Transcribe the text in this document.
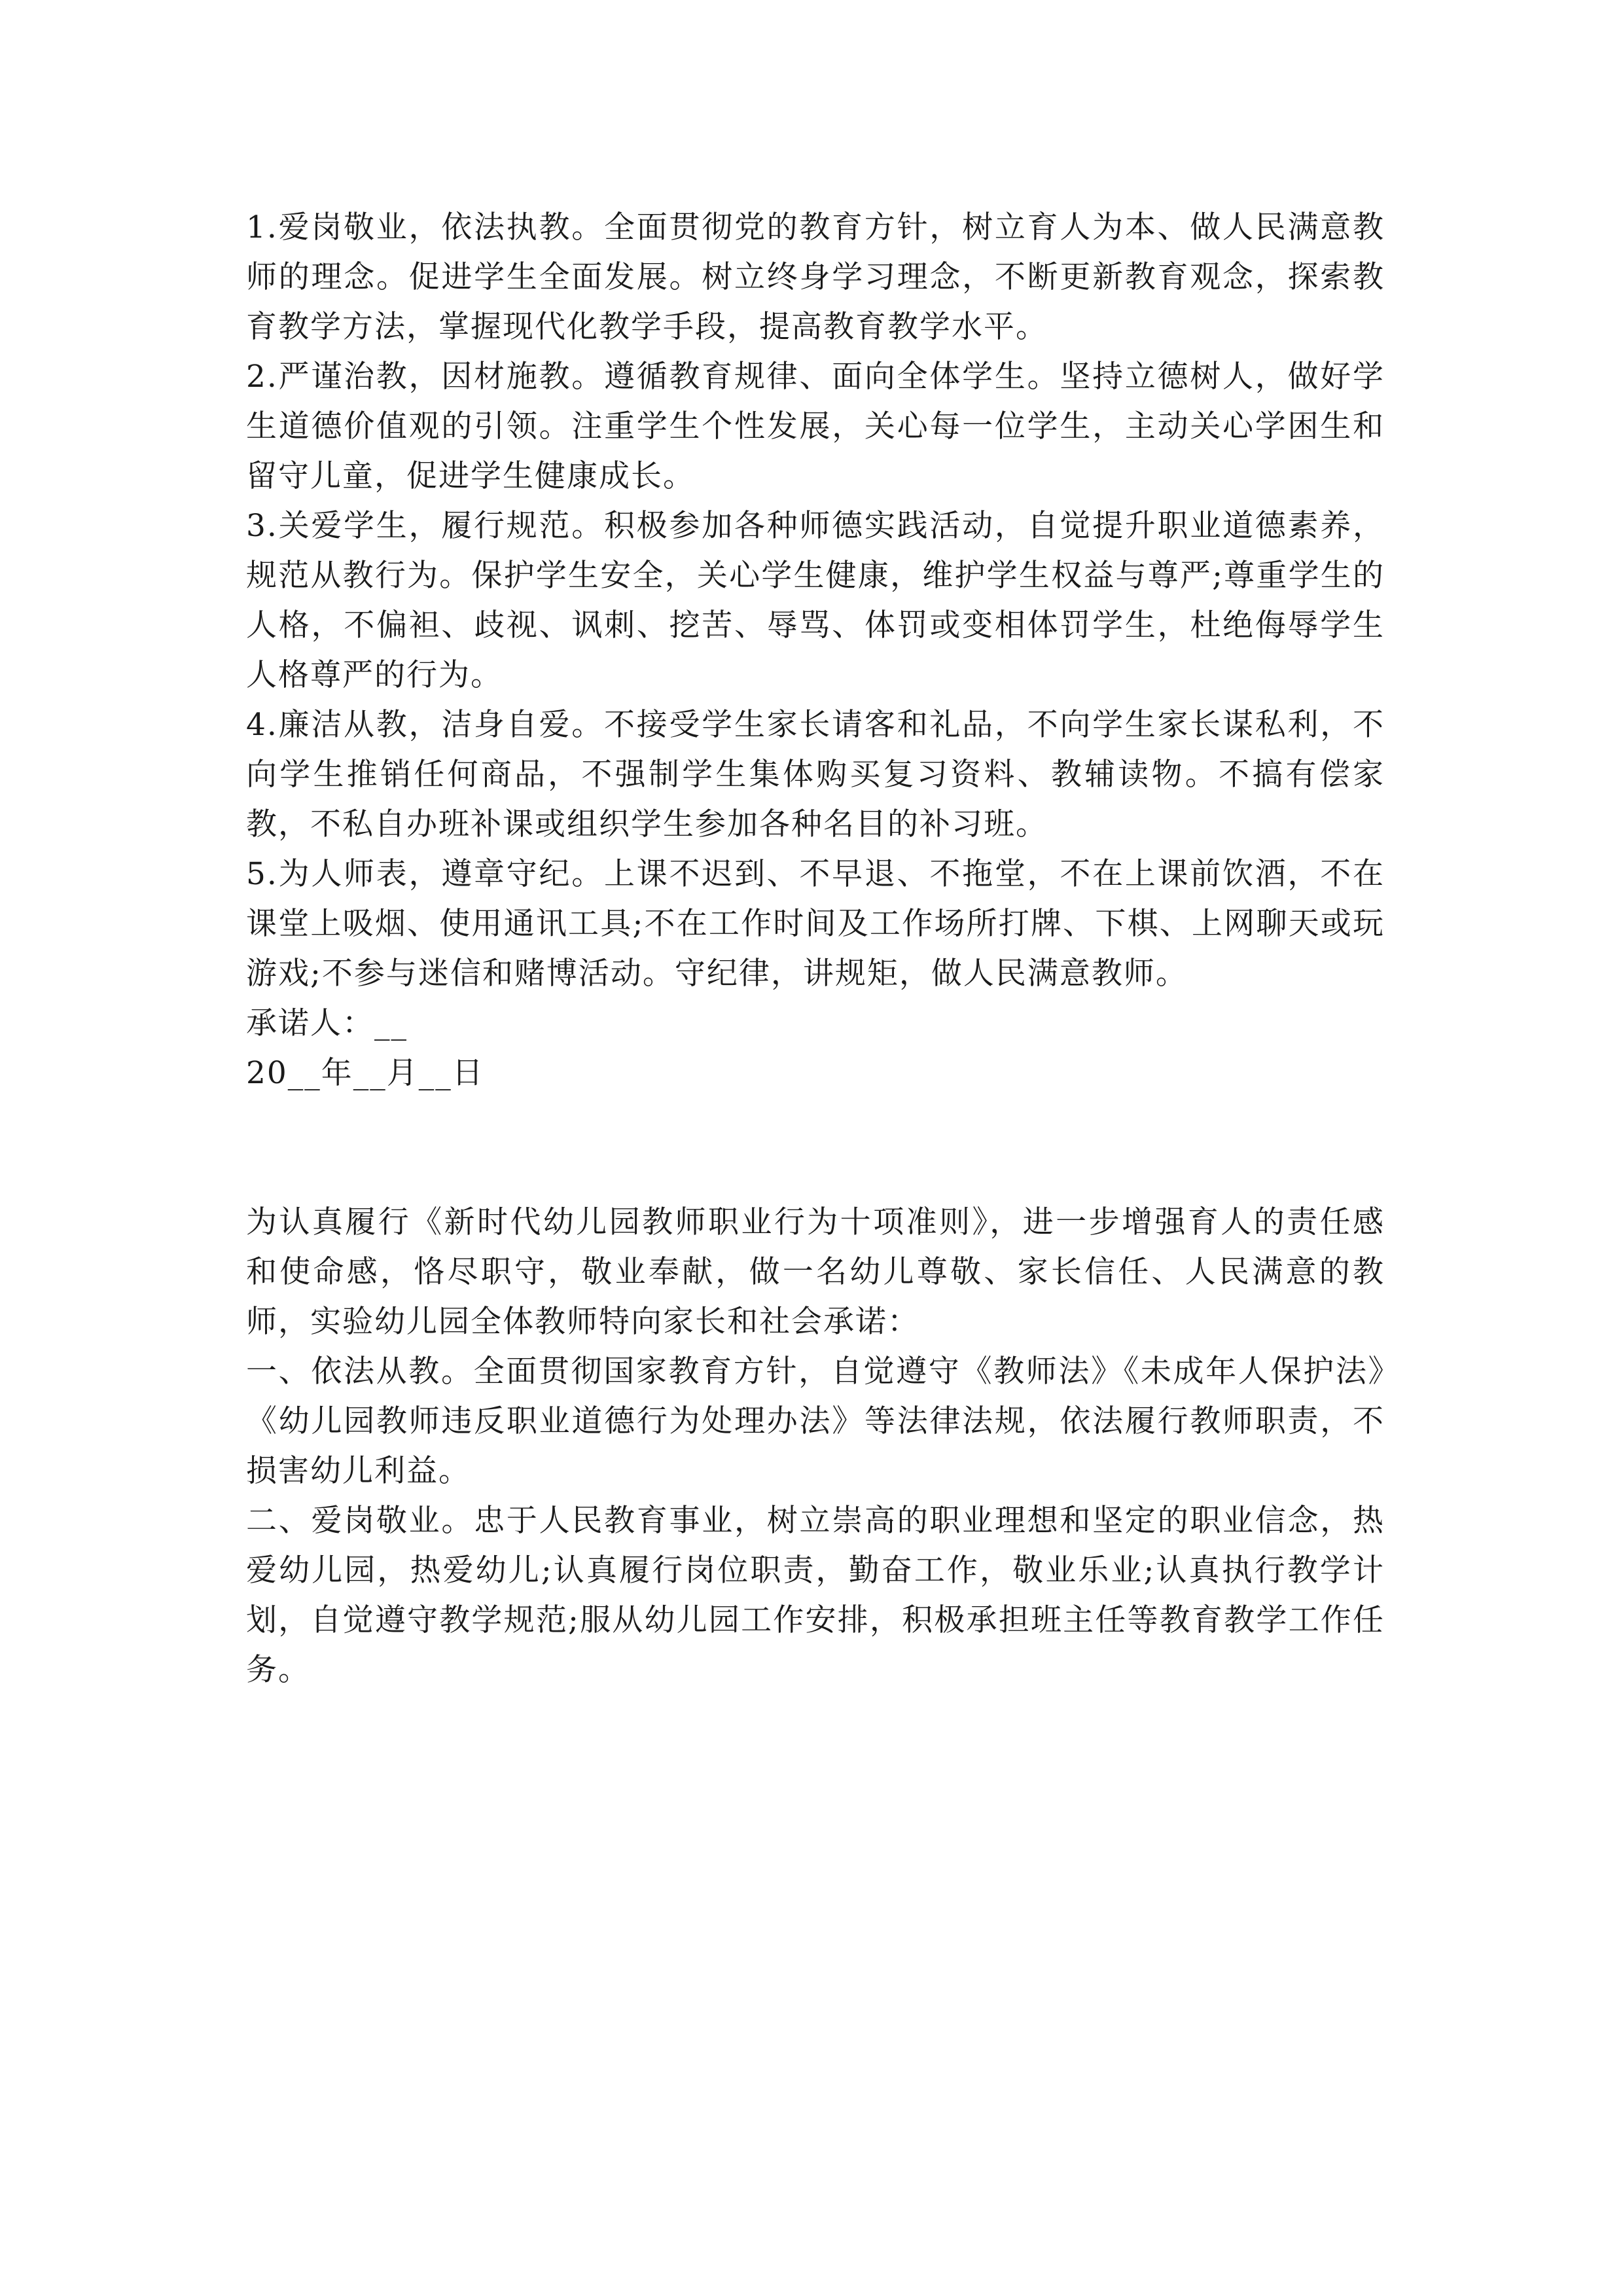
1.爱岗敬业，依法执教。全面贯彻党的教育方针，树立育人为本、做人民满意教师的理念。促进学生全面发展。树立终身学习理念，不断更新教育观念，探索教育教学方法，掌握现代化教学手段，提高教育教学水平。

2.严谨治教，因材施教。遵循教育规律、面向全体学生。坚持立德树人，做好学生道德价值观的引领。注重学生个性发展，关心每一位学生，主动关心学困生和留守儿童，促进学生健康成长。

3.关爱学生，履行规范。积极参加各种师德实践活动，自觉提升职业道德素养，规范从教行为。保护学生安全，关心学生健康，维护学生权益与尊严;尊重学生的人格，不偏袒、歧视、讽刺、挖苦、辱骂、体罚或变相体罚学生，杜绝侮辱学生人格尊严的行为。

4.廉洁从教，洁身自爱。不接受学生家长请客和礼品，不向学生家长谋私利，不向学生推销任何商品，不强制学生集体购买复习资料、教辅读物。不搞有偿家教，不私自办班补课或组织学生参加各种名目的补习班。

5.为人师表，遵章守纪。上课不迟到、不早退、不拖堂，不在上课前饮酒，不在课堂上吸烟、使用通讯工具;不在工作时间及工作场所打牌、下棋、上网聊天或玩游戏;不参与迷信和赌博活动。守纪律，讲规矩，做人民满意教师。

承诺人：__

20__年__月__日

为认真履行《新时代幼儿园教师职业行为十项准则》，进一步增强育人的责任感和使命感，恪尽职守，敬业奉献，做一名幼儿尊敬、家长信任、人民满意的教师，实验幼儿园全体教师特向家长和社会承诺：

一、依法从教。全面贯彻国家教育方针，自觉遵守《教师法》《未成年人保护法》《幼儿园教师违反职业道德行为处理办法》等法律法规，依法履行教师职责，不损害幼儿利益。

二、爱岗敬业。忠于人民教育事业，树立崇高的职业理想和坚定的职业信念，热爱幼儿园，热爱幼儿;认真履行岗位职责，勤奋工作，敬业乐业;认真执行教学计划，自觉遵守教学规范;服从幼儿园工作安排，积极承担班主任等教育教学工作任务。
